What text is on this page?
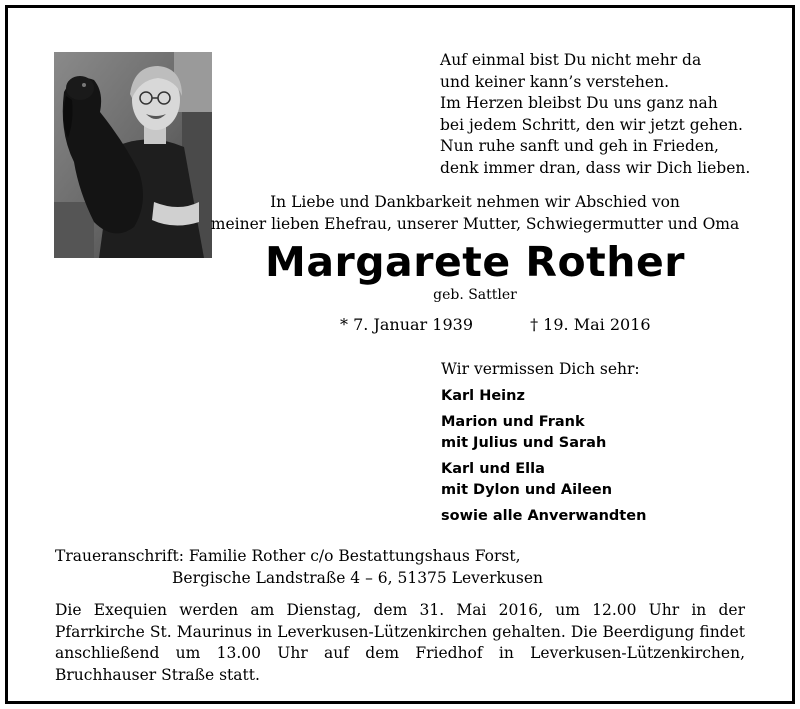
Auf einmal bist Du nicht mehr da
und keiner kann’s verstehen.
Im Herzen bleibst Du uns ganz nah
bei jedem Schritt, den wir jetzt gehen.
Nun ruhe sanft und geh in Frieden,
denk immer dran, dass wir Dich lieben.
In Liebe und Dankbarkeit nehmen wir Abschied von
meiner lieben Ehefrau, unserer Mutter, Schwiegermutter und Oma
Margarete Rother
geb. Sattler
* 7. Januar 1939	† 19. Mai 2016
Wir vermissen Dich sehr:
Karl Heinz
Marion und Frank
mit Julius und Sarah
Karl und Ella
mit Dylon und Aileen
sowie alle Anverwandten
Traueranschrift: Familie Rother c/o Bestattungshaus Forst,
Bergische Landstraße 4 – 6, 51375 Leverkusen
Die Exequien werden am Dienstag, dem 31. Mai 2016, um 12.00 Uhr in der Pfarrkirche St. Maurinus in Leverkusen-Lützenkirchen gehalten. Die Beerdigung findet anschließend um 13.00 Uhr auf dem Friedhof in Leverkusen-Lützenkirchen, Bruchhauser Straße statt.
